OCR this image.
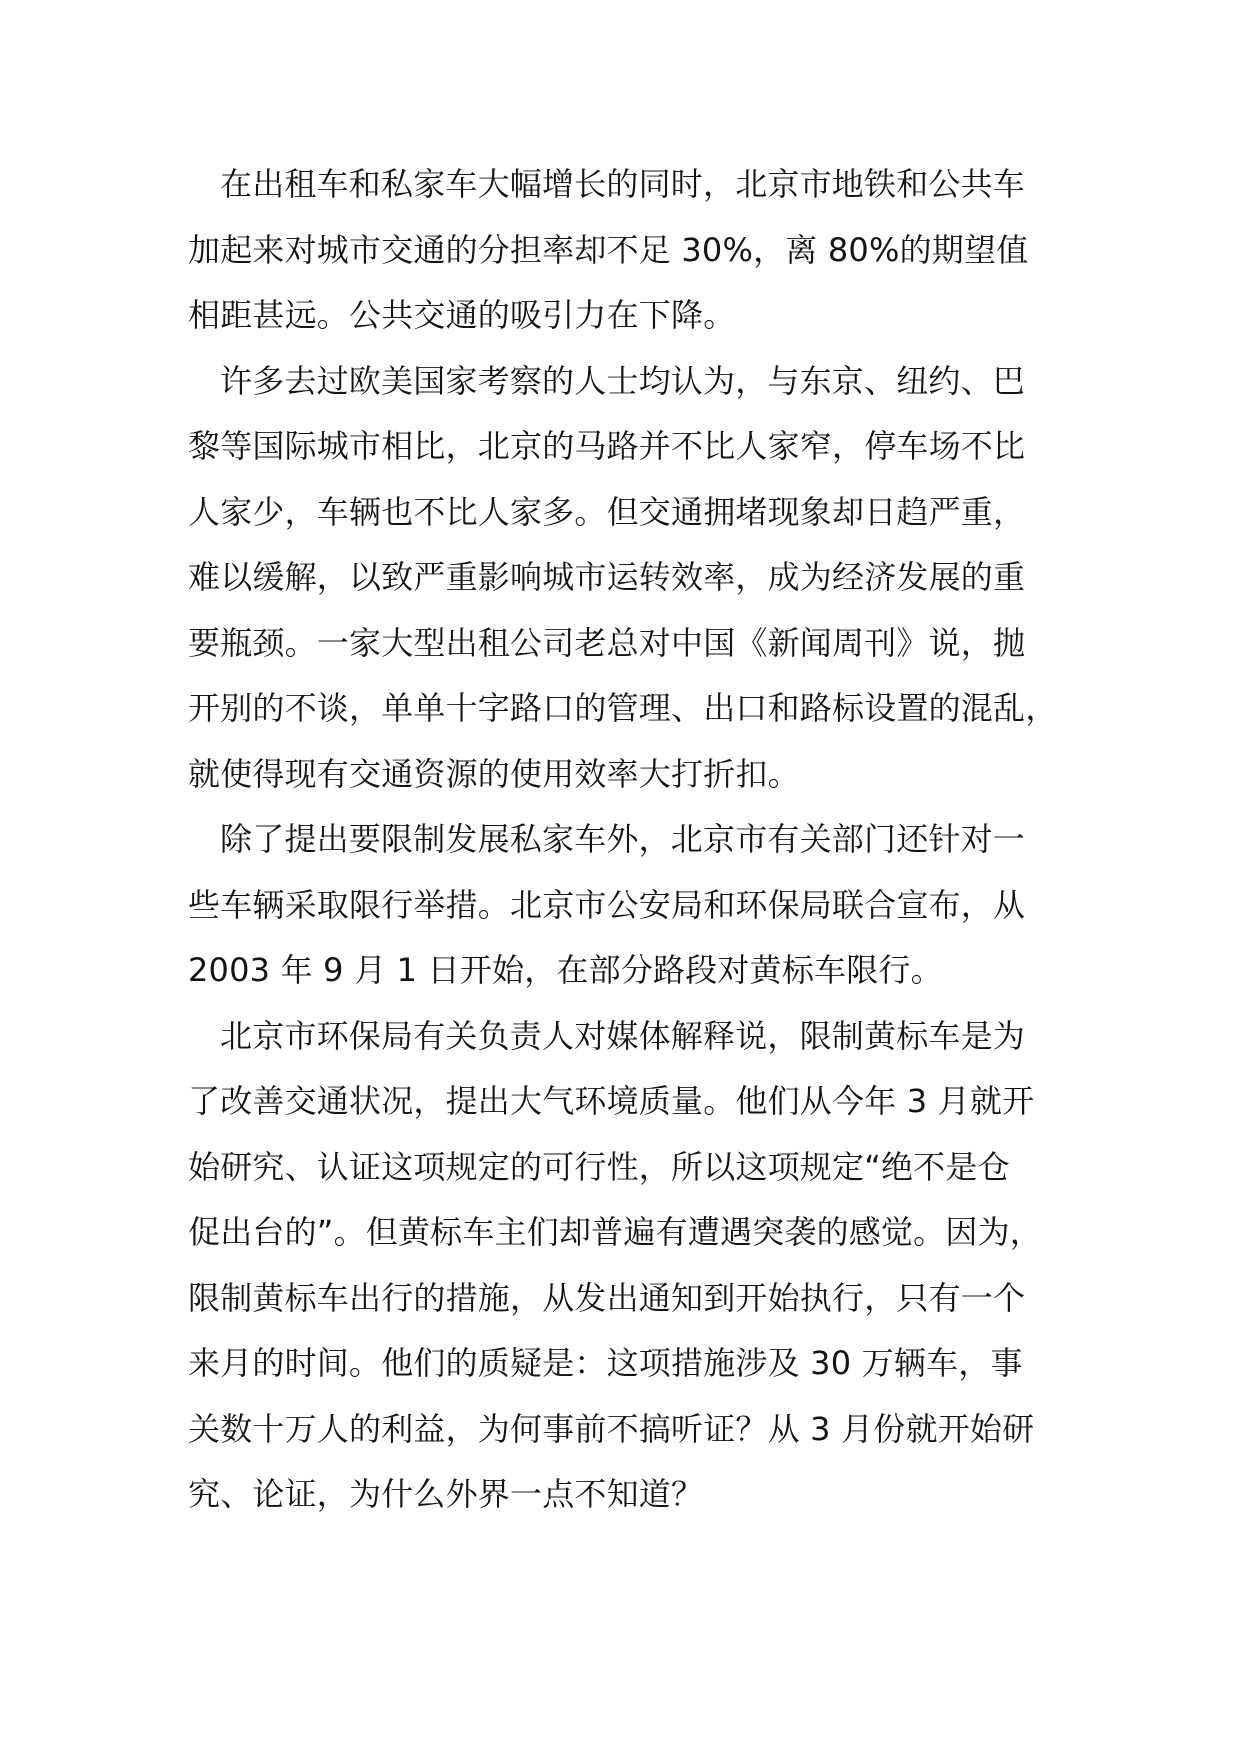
在出租车和私家车大幅增长的同时，北京市地铁和公共车
加起来对城市交通的分担率却不足 30%，离 80%的期望值
相距甚远。公共交通的吸引力在下降。

许多去过欧美国家考察的人士均认为，与东京、纽约、巴
黎等国际城市相比，北京的马路并不比人家窄，停车场不比
人家少，车辆也不比人家多。但交通拥堵现象却日趋严重，
难以缓解，以致严重影响城市运转效率，成为经济发展的重
要瓶颈。一家大型出租公司老总对中国《新闻周刊》说，抛
开别的不谈，单单十字路口的管理、出口和路标设置的混乱，
就使得现有交通资源的使用效率大打折扣。

除了提出要限制发展私家车外，北京市有关部门还针对一
些车辆采取限行举措。北京市公安局和环保局联合宣布，从
2003 年 9 月 1 日开始，在部分路段对黄标车限行。

北京市环保局有关负责人对媒体解释说，限制黄标车是为
了改善交通状况，提出大气环境质量。他们从今年 3 月就开
始研究、认证这项规定的可行性，所以这项规定“绝不是仓
促出台的”。但黄标车主们却普遍有遭遇突袭的感觉。因为，
限制黄标车出行的措施，从发出通知到开始执行，只有一个
来月的时间。他们的质疑是：这项措施涉及 30 万辆车，事
关数十万人的利益，为何事前不搞听证？从 3 月份就开始研
究、论证，为什么外界一点不知道？
